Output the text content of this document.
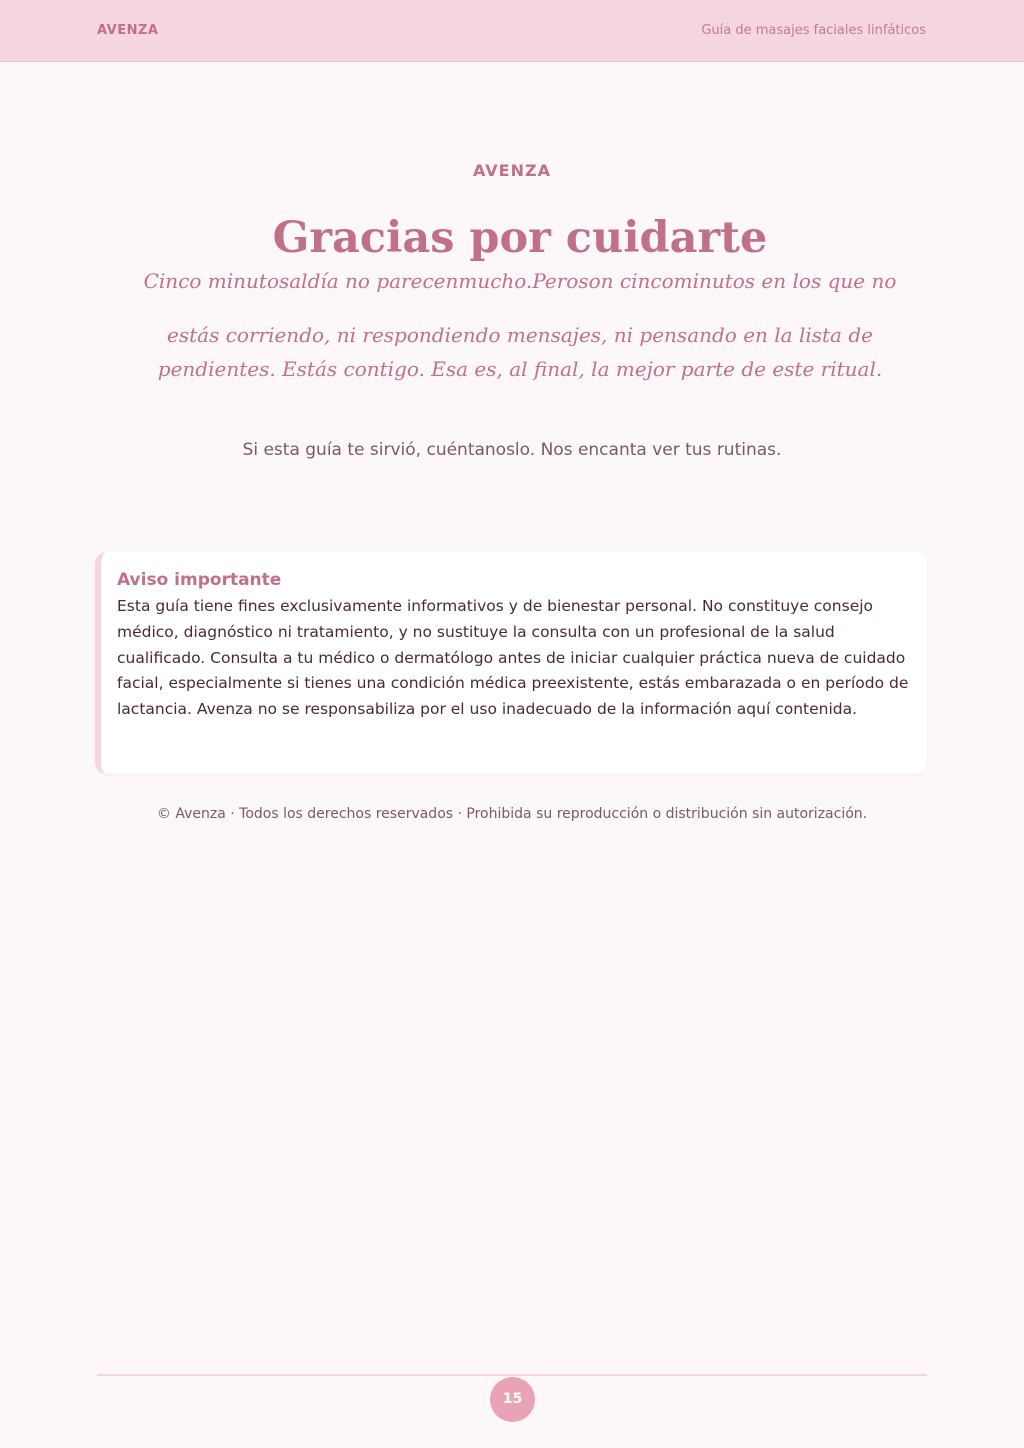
AVENZA	Guía de masajes faciales linfáticos
AVENZA
Gracias por cuidarte
Cinco minutosaldía no parecenmucho.Peroson cincominutos en los que no
estás corriendo, ni respondiendo mensajes, ni pensando en la lista de
pendientes. Estás contigo. Esa es, al final, la mejor parte de este ritual.
Si esta guía te sirvió, cuéntanoslo. Nos encanta ver tus rutinas.
Aviso importante

Esta guía tiene fines exclusivamente informativos y de bienestar personal. No constituye consejo médico, diagnóstico ni tratamiento, y no sustituye la consulta con un profesional de la salud cualificado. Consulta a tu médico o dermatólogo antes de iniciar cualquier práctica nueva de cuidado facial, especialmente si tienes una condición médica preexistente, estás embarazada o en período de lactancia. Avenza no se responsabiliza por el uso inadecuado de la información aquí contenida.

© Avenza · Todos los derechos reservados · Prohibida su reproducción o distribución sin autorización.
15
